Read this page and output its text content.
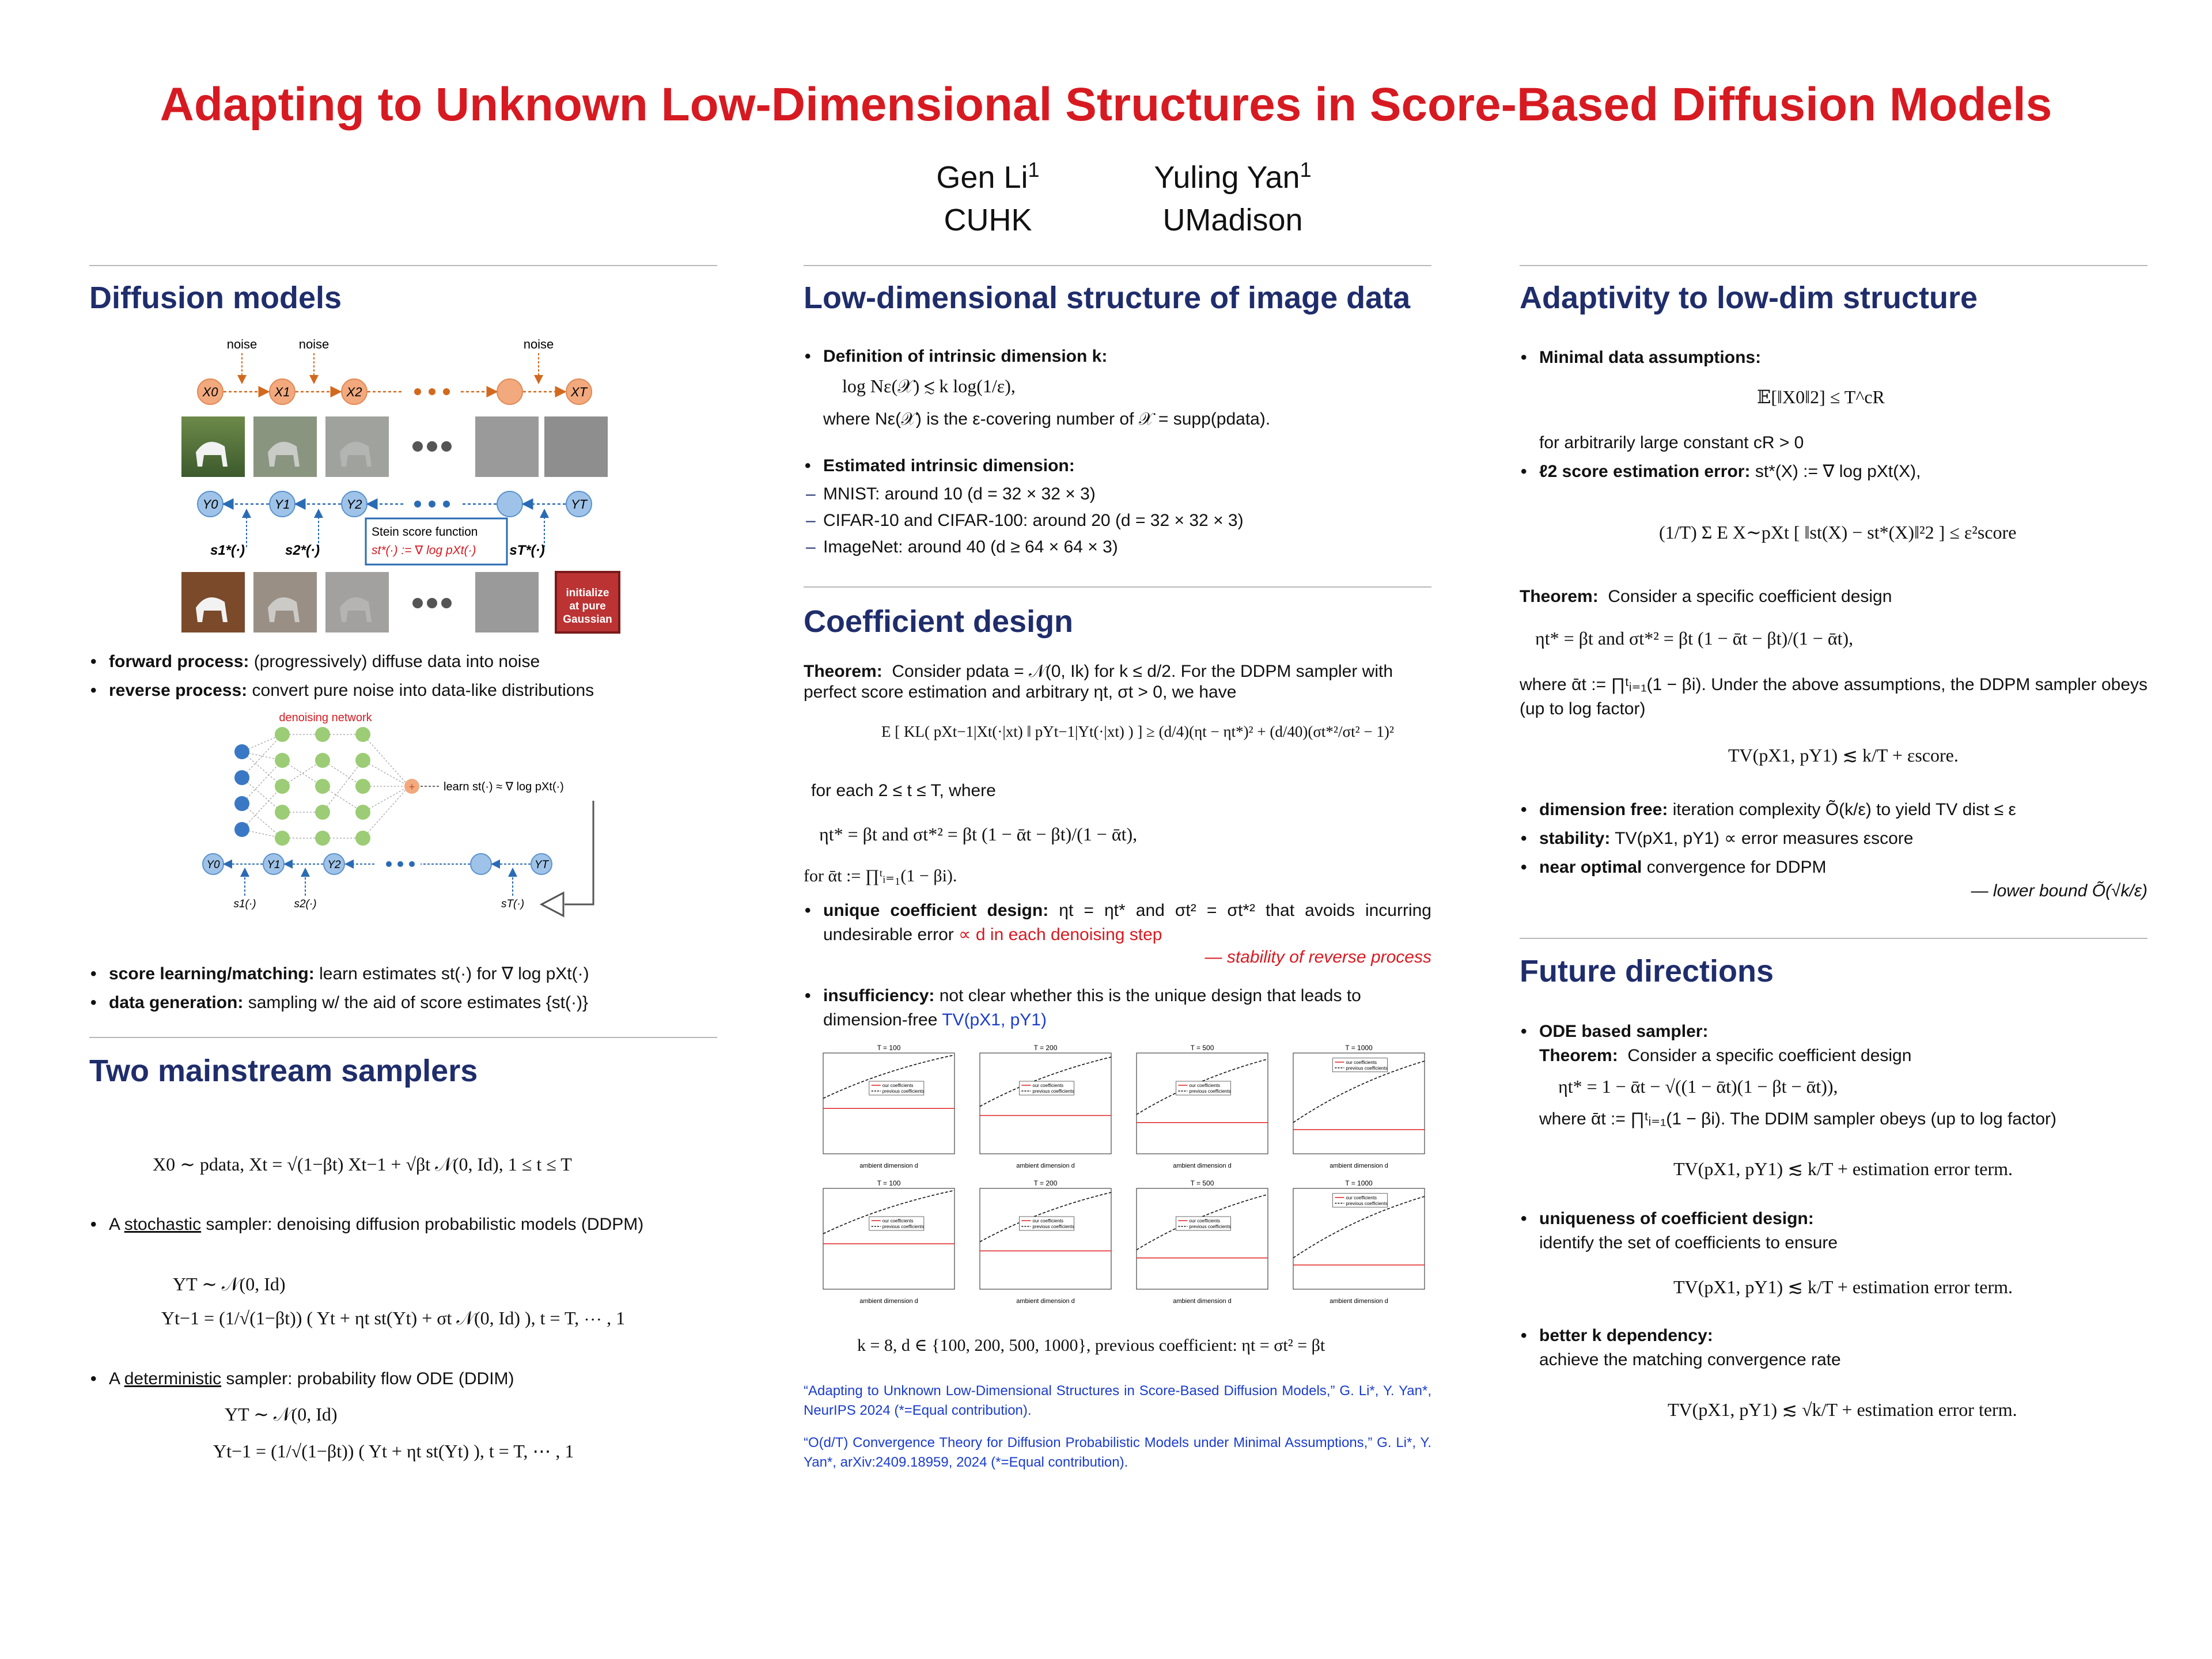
Adapting to Unknown Low-Dimensional Structures in Score-Based Diffusion Models
Gen Li$^1$
CUHK
Yuling Yan$^1$
UMadison
Diffusion models
noise	noise	noise
X0	X1	X2	XT
Y0	Y1	Y2	YT
s1*(·)	s2*(·)	sT*(·)
Stein score function
st*(·) := ∇ log pXt(·)
initialize
at pure
Gaussian
• forward process: (progressively) diffuse data into noise
• reverse process: convert pure noise into data-like distributions
denoising network
+ learn st(·) ≈ ∇ log pXt(·)
Y0	Y1	Y2	YT
s1(·)	s2(·)	sT(·)
• score learning/matching: learn estimates st(·) for ∇ log pXt(·)
• data generation: sampling w/ the aid of score estimates {st(·)}
Two mainstream samplers
X0 ∼ pdata, Xt = √(1−βt) Xt−1 + √βt 𝒩(0, Id), 1 ≤ t ≤ T
• A stochastic sampler: denoising diffusion probabilistic models (DDPM)
YT ∼ 𝒩(0, Id)
Yt−1 = (1/√(1−βt)) ( Yt + ηt st(Yt) + σt 𝒩(0, Id) ), t = T, ⋯ , 1
• A deterministic sampler: probability flow ODE (DDIM)
YT ∼ 𝒩(0, Id)
Yt−1 = (1/√(1−βt)) ( Yt + ηt st(Yt) ), t = T, ⋯ , 1
Low-dimensional structure of image data
• Definition of intrinsic dimension k:
log Nε(𝒳) ≲ k log(1/ε),
where Nε(𝒳) is the ε-covering number of 𝒳 = supp(pdata).
• Estimated intrinsic dimension:
– MNIST: around 10 (d = 32 × 32 × 3)
– CIFAR-10 and CIFAR-100: around 20 (d = 32 × 32 × 3)
– ImageNet: around 40 (d ≥ 64 × 64 × 3)
Coefficient design
Theorem: Consider pdata = 𝒩(0, Ik) for k ≤ d/2. For the DDPM sampler with perfect score estimation and arbitrary ηt, σt > 0, we have
E [ KL( pXt−1|Xt(·|xt) ‖ pYt−1|Yt(·|xt) ) ] ≥ (d/4)(ηt − ηt*)² + (d/40)(σt*²/σt² − 1)²
for each 2 ≤ t ≤ T, where
ηt* = βt and σt*² = βt (1 − ᾱt − βt)/(1 − ᾱt),
for ᾱt := ∏ᵗᵢ₌₁(1 − βi).
• unique coefficient design: ηt = ηt* and σt² = σt*² that avoids incurring undesirable error ∝ d in each denoising step
— stability of reverse process
• insufficiency: not clear whether this is the unique design that leads to dimension-free TV(pX1, pY1)
T = 100
our coefficients
previous coefficients
ambient dimension d
T = 200
our coefficients
previous coefficients
ambient dimension d
T = 500
our coefficients
previous coefficients
ambient dimension d
T = 1000
our coefficients
previous coefficients
ambient dimension d
T = 100
our coefficients
previous coefficients
ambient dimension d
T = 200
our coefficients
previous coefficients
ambient dimension d
T = 500
our coefficients
previous coefficients
ambient dimension d
T = 1000
our coefficients
previous coefficients
ambient dimension d
k = 8, d ∈ {100, 200, 500, 1000}, previous coefficient: ηt = σt² = βt
“Adapting to Unknown Low-Dimensional Structures in Score-Based Diffusion Models,” G. Li*, Y. Yan*, NeurIPS 2024 (*=Equal contribution).
“O(d/T) Convergence Theory for Diffusion Probabilistic Models under Minimal Assumptions,” G. Li*, Y. Yan*, arXiv:2409.18959, 2024 (*=Equal contribution).
Adaptivity to low-dim structure
• Minimal data assumptions:
𝔼[‖X0‖2] ≤ T^cR
for arbitrarily large constant cR > 0
• ℓ2 score estimation error: st*(X) := ∇ log pXt(X),
(1/T) Σ E X∼pXt [ ‖st(X) − st*(X)‖²2 ] ≤ ε²score
Theorem: Consider a specific coefficient design
ηt* = βt and σt*² = βt (1 − ᾱt − βt)/(1 − ᾱt),
where ᾱt := ∏ᵗᵢ₌₁(1 − βi). Under the above assumptions, the DDPM sampler obeys (up to log factor)
TV(pX1, pY1) ≲ k/T + εscore.
• dimension free: iteration complexity Õ(k/ε) to yield TV dist ≤ ε
• stability: TV(pX1, pY1) ∝ error measures εscore
• near optimal convergence for DDPM
— lower bound Õ(√k/ε)
Future directions
• ODE based sampler:
Theorem: Consider a specific coefficient design
ηt* = 1 − ᾱt − √((1 − ᾱt)(1 − βt − ᾱt)),
where ᾱt := ∏ᵗᵢ₌₁(1 − βi). The DDIM sampler obeys (up to log factor)
TV(pX1, pY1) ≲ k/T + estimation error term.
• uniqueness of coefficient design:
identify the set of coefficients to ensure
TV(pX1, pY1) ≲ k/T + estimation error term.
• better k dependency:
achieve the matching convergence rate
TV(pX1, pY1) ≲ √k/T + estimation error term.
